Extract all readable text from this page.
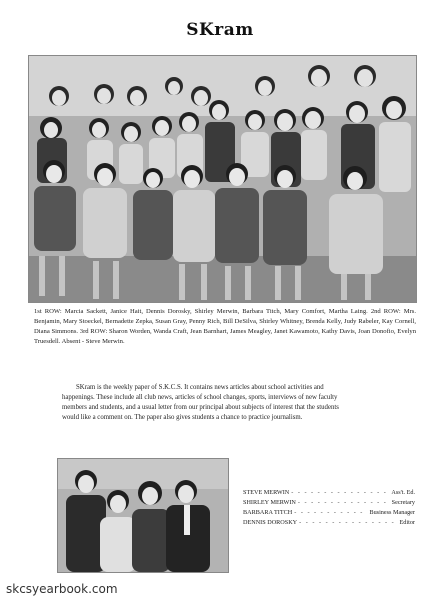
SKram
1st ROW: Marcia Sackett, Janice Hait, Dennis Dorosky, Shirley Merwin, Barbara Titch, Mary Comfort, Martha Laing. 2nd ROW: Mrs. Benjamin, Mary Stoeckel, Bernadette Zepka, Susan Gray, Penny Rich, Bill DeSilva, Shirley Whitney, Brenda Kelly, Judy Rabeler, Kay Cornell, Diana Simmons. 3rd ROW: Sharon Worden, Wanda Craft, Jean Barnhart, James Meagley, Janet Kawamoto, Kathy Davis, Joan Donofio, Evelyn Truesdell. Absent - Steve Merwin.
SKram is the weekly paper of S.K.C.S. It contains news articles about school activities and happenings. These include all club news, articles of school changes, sports, interviews of new faculty members and students, and a usual letter from our principal about subjects of interest that the students would like a comment on. The paper also gives students a chance to practice journalism.
STEVE MERWIN - - -	Ass't. Ed.
SHIRLEY MERWIN - - -	Secretary
BARBARA TITCH - - -	Business Manager
DENNIS DOROSKY - - -	Editor
skcsyearbook.com
